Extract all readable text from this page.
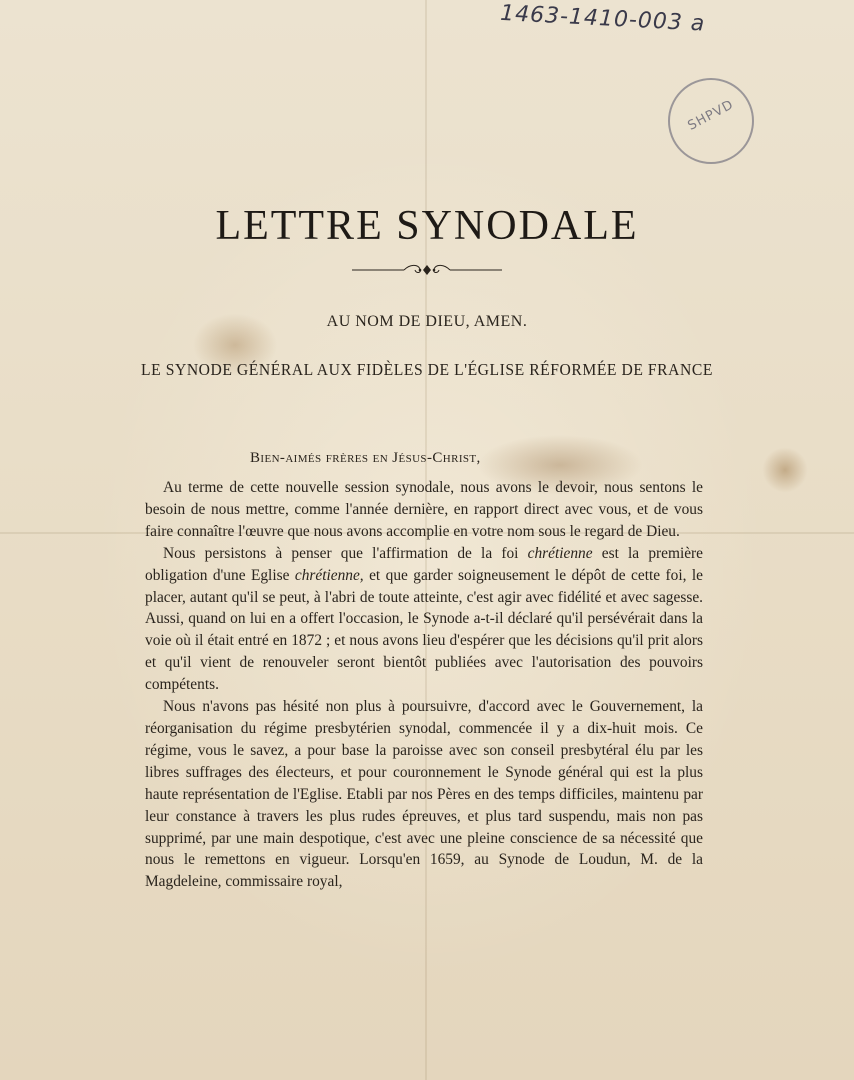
1463-1410-003 a
SHPVD
LETTRE SYNODALE
AU NOM DE DIEU, AMEN.
LE SYNODE GÉNÉRAL AUX FIDÈLES DE L'ÉGLISE RÉFORMÉE DE FRANCE
Bien-aimés frères en Jésus-Christ,

Au terme de cette nouvelle session synodale, nous avons le devoir, nous sentons le besoin de nous mettre, comme l'année dernière, en rapport direct avec vous, et de vous faire connaître l'œuvre que nous avons accomplie en votre nom sous le regard de Dieu.

Nous persistons à penser que l'affirmation de la foi chrétienne est la première obligation d'une Eglise chrétienne, et que garder soigneusement le dépôt de cette foi, le placer, autant qu'il se peut, à l'abri de toute atteinte, c'est agir avec fidélité et avec sagesse. Aussi, quand on lui en a offert l'occasion, le Synode a-t-il déclaré qu'il persévérait dans la voie où il était entré en 1872 ; et nous avons lieu d'espérer que les décisions qu'il prit alors et qu'il vient de renouveler seront bientôt publiées avec l'autorisation des pouvoirs compétents.

Nous n'avons pas hésité non plus à poursuivre, d'accord avec le Gouvernement, la réorganisation du régime presbytérien synodal, commencée il y a dix-huit mois. Ce régime, vous le savez, a pour base la paroisse avec son conseil presbytéral élu par les libres suffrages des électeurs, et pour couronnement le Synode général qui est la plus haute représentation de l'Eglise. Etabli par nos Pères en des temps difficiles, maintenu par leur constance à travers les plus rudes épreuves, et plus tard suspendu, mais non pas supprimé, par une main despotique, c'est avec une pleine conscience de sa nécessité que nous le remettons en vigueur. Lorsqu'en 1659, au Synode de Loudun, M. de la Magdeleine, commissaire royal,
